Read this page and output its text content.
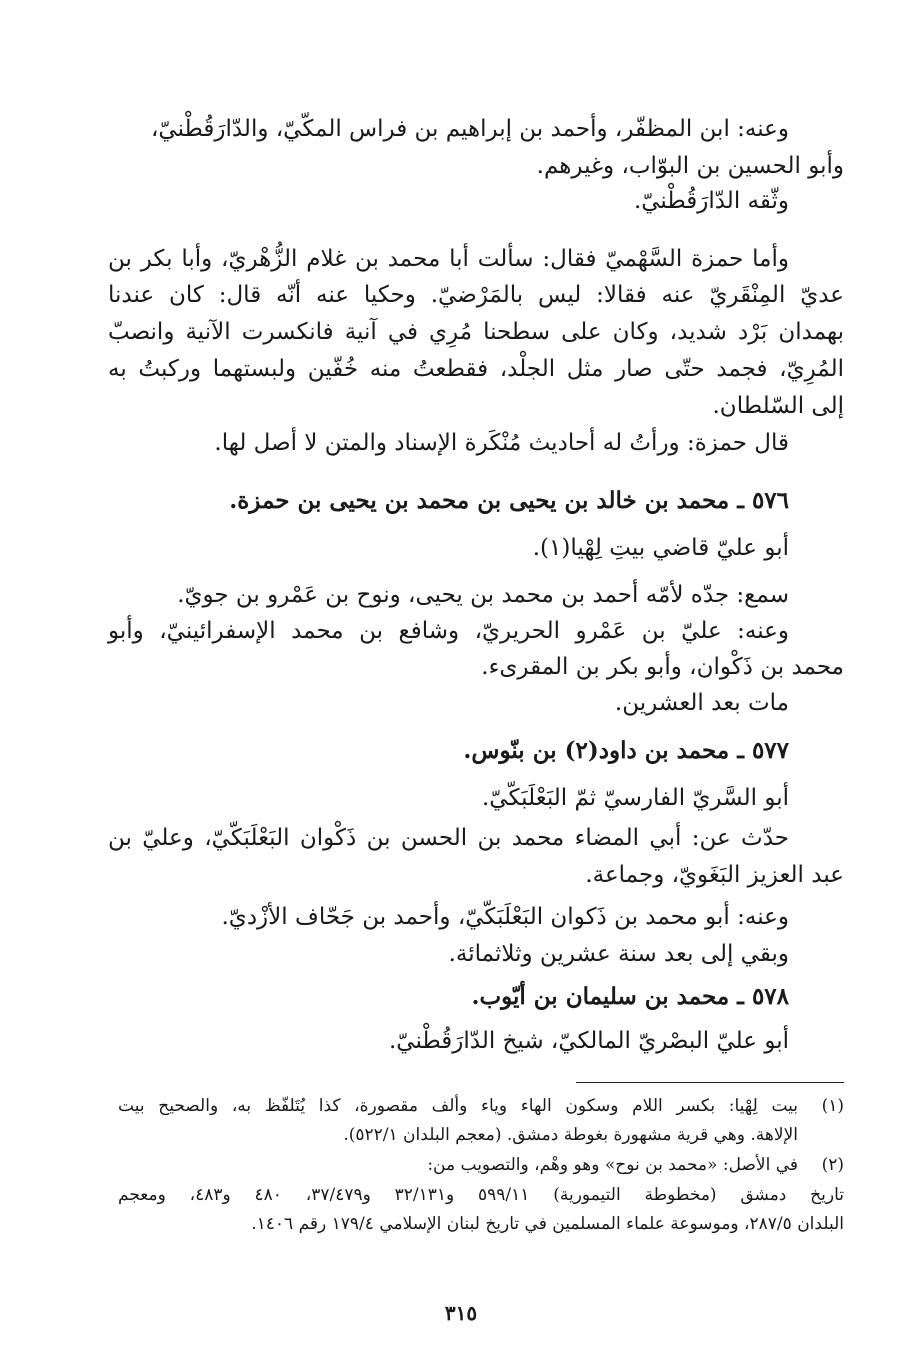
وعنه: ابن المظفّر، وأحمد بن إبراهيم بن فراس المكّيّ، والدّارَقُطْنيّ،
وأبو الحسين بن البوّاب، وغيرهم.
وثّقه الدّارَقُطْنيّ.
وأما حمزة السَّهْميّ فقال: سألت أبا محمد بن غلام الزُّهْريّ، وأبا بكر بن
عديّ المِنْقَريّ عنه فقالا: ليس بالمَرْضيّ. وحكيا عنه أنّه قال: كان عندنا
بهمدان بَرْد شديد، وكان على سطحنا مُرِي في آنية فانكسرت الآنية وانصبّ
المُرِيّ، فجمد حتّى صار مثل الجلْد، فقطعتُ منه خُفّين ولبستهما وركبتُ به
إلى السّلطان.
قال حمزة: ورأتُ له أحاديث مُنْكَرة الإسناد والمتن لا أصل لها.
٥٧٦ ـ محمد بن خالد بن يحيى بن محمد بن يحيى بن حمزة.
أبو عليّ قاضي بيتِ لِهْيا(١).
سمع: جدّه لأمّه أحمد بن محمد بن يحيى، ونوح بن عَمْرو بن جويّ.
وعنه: عليّ بن عَمْرو الحريريّ، وشافع بن محمد الإسفرائينيّ، وأبو
محمد بن ذَكْوان، وأبو بكر بن المقرىء.
مات بعد العشرين.
٥٧٧ ـ محمد بن داود(٢) بن بنّوس.
أبو السَّريّ الفارسيّ ثمّ البَعْلَبَكّيّ.
حدّث عن: أبي المضاء محمد بن الحسن بن ذَكْوان البَعْلَبَكّيّ، وعليّ بن
عبد العزيز البَغَويّ، وجماعة.
وعنه: أبو محمد بن ذَكوان البَعْلَبَكّيّ، وأحمد بن جَحّاف الأزْديّ.
وبقي إلى بعد سنة عشرين وثلاثمائة.
٥٧٨ ـ محمد بن سليمان بن أيّوب.
أبو عليّ البصْريّ المالكيّ، شيخ الدّارَقُطْنيّ.
(١)
بيت لِهْيا: بكسر اللام وسكون الهاء وياء وألف مقصورة، كذا يُتَلفّظ به، والصحيح بيت
الإلاهة. وهي قرية مشهورة بغوطة دمشق. (معجم البلدان ٥٢٢/١).
(٢)
في الأصل: «محمد بن نوح» وهو وهْم، والتصويب من:
تاريخ دمشق (مخطوطة التيمورية) ٥٩٩/١١ و٣٢/١٣١ و٣٧/٤٧٩، ٤٨٠ و٤٨٣، ومعجم
البلدان ٢٨٧/٥، وموسوعة علماء المسلمين في تاريخ لبنان الإسلامي ١٧٩/٤ رقم ١٤٠٦.
٣١٥
